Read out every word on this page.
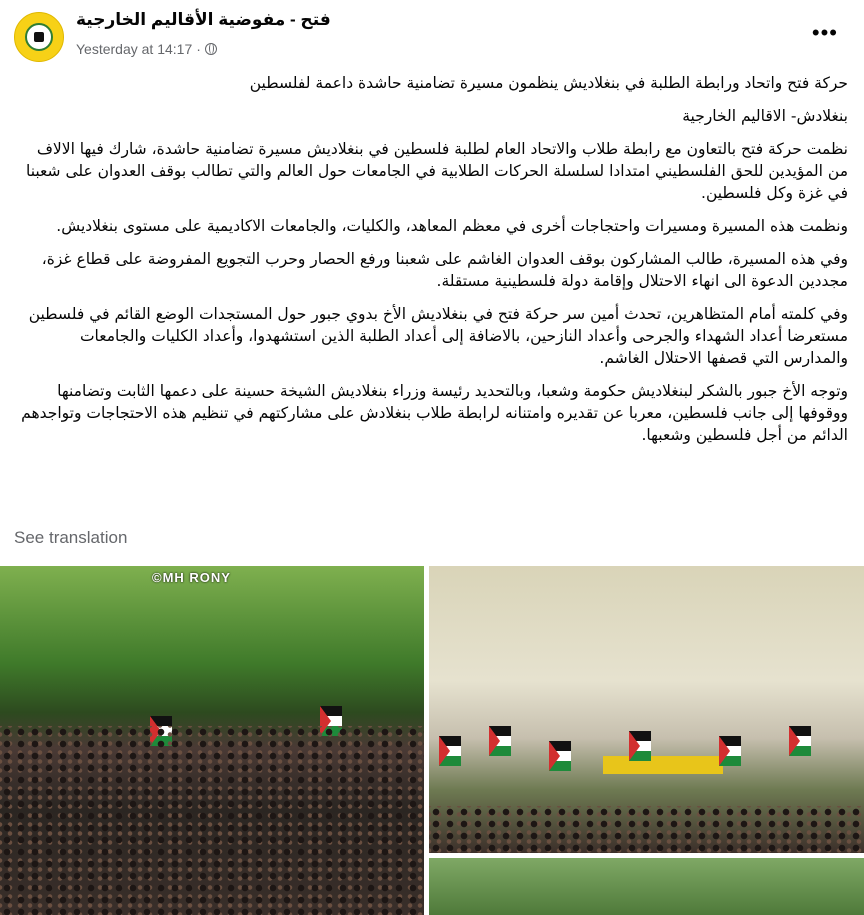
فتح - مفوضية الأقاليم الخارجية
Yesterday at 14:17 ·
•••

حركة فتح واتحاد ورابطة الطلبة في بنغلاديش ينظمون مسيرة تضامنية حاشدة داعمة لفلسطين

بنغلادش- الاقاليم الخارجية

نظمت حركة فتح بالتعاون مع رابطة طلاب والاتحاد العام لطلبة فلسطين في بنغلاديش مسيرة تضامنية حاشدة، شارك فيها الالاف من المؤيدين للحق الفلسطيني امتدادا لسلسلة الحركات الطلابية في الجامعات حول العالم والتي تطالب بوقف العدوان على شعبنا في غزة وكل فلسطين.

ونظمت هذه المسيرة ومسيرات واحتجاجات أخرى في معظم المعاهد، والكليات، والجامعات الاكاديمية على مستوى بنغلاديش.

وفي هذه المسيرة، طالب المشاركون بوقف العدوان الغاشم على شعبنا ورفع الحصار وحرب التجويع المفروضة على قطاع غزة، مجددين الدعوة الى انهاء الاحتلال وإقامة دولة فلسطينية مستقلة.

وفي كلمته أمام المتظاهرين، تحدث أمين سر حركة فتح في بنغلاديش الأخ بدوي جبور حول المستجدات الوضع القائم في فلسطين مستعرضا أعداد الشهداء والجرحى وأعداد النازحين، بالاضافة إلى أعداد الطلبة الذين استشهدوا، وأعداد الكليات والجامعات والمدارس التي قصفها الاحتلال الغاشم.

وتوجه الأخ جبور بالشكر لبنغلاديش حكومة وشعبا، وبالتحديد رئيسة وزراء بنغلاديش الشيخة حسينة على دعمها الثابت وتضامنها ووقوفها إلى جانب فلسطين، معربا عن تقديره وامتنانه لرابطة طلاب بنغلادش على مشاركتهم في تنظيم هذه الاحتجاجات وتواجدهم الدائم من أجل فلسطين وشعبها.

See translation
©MH RONY
